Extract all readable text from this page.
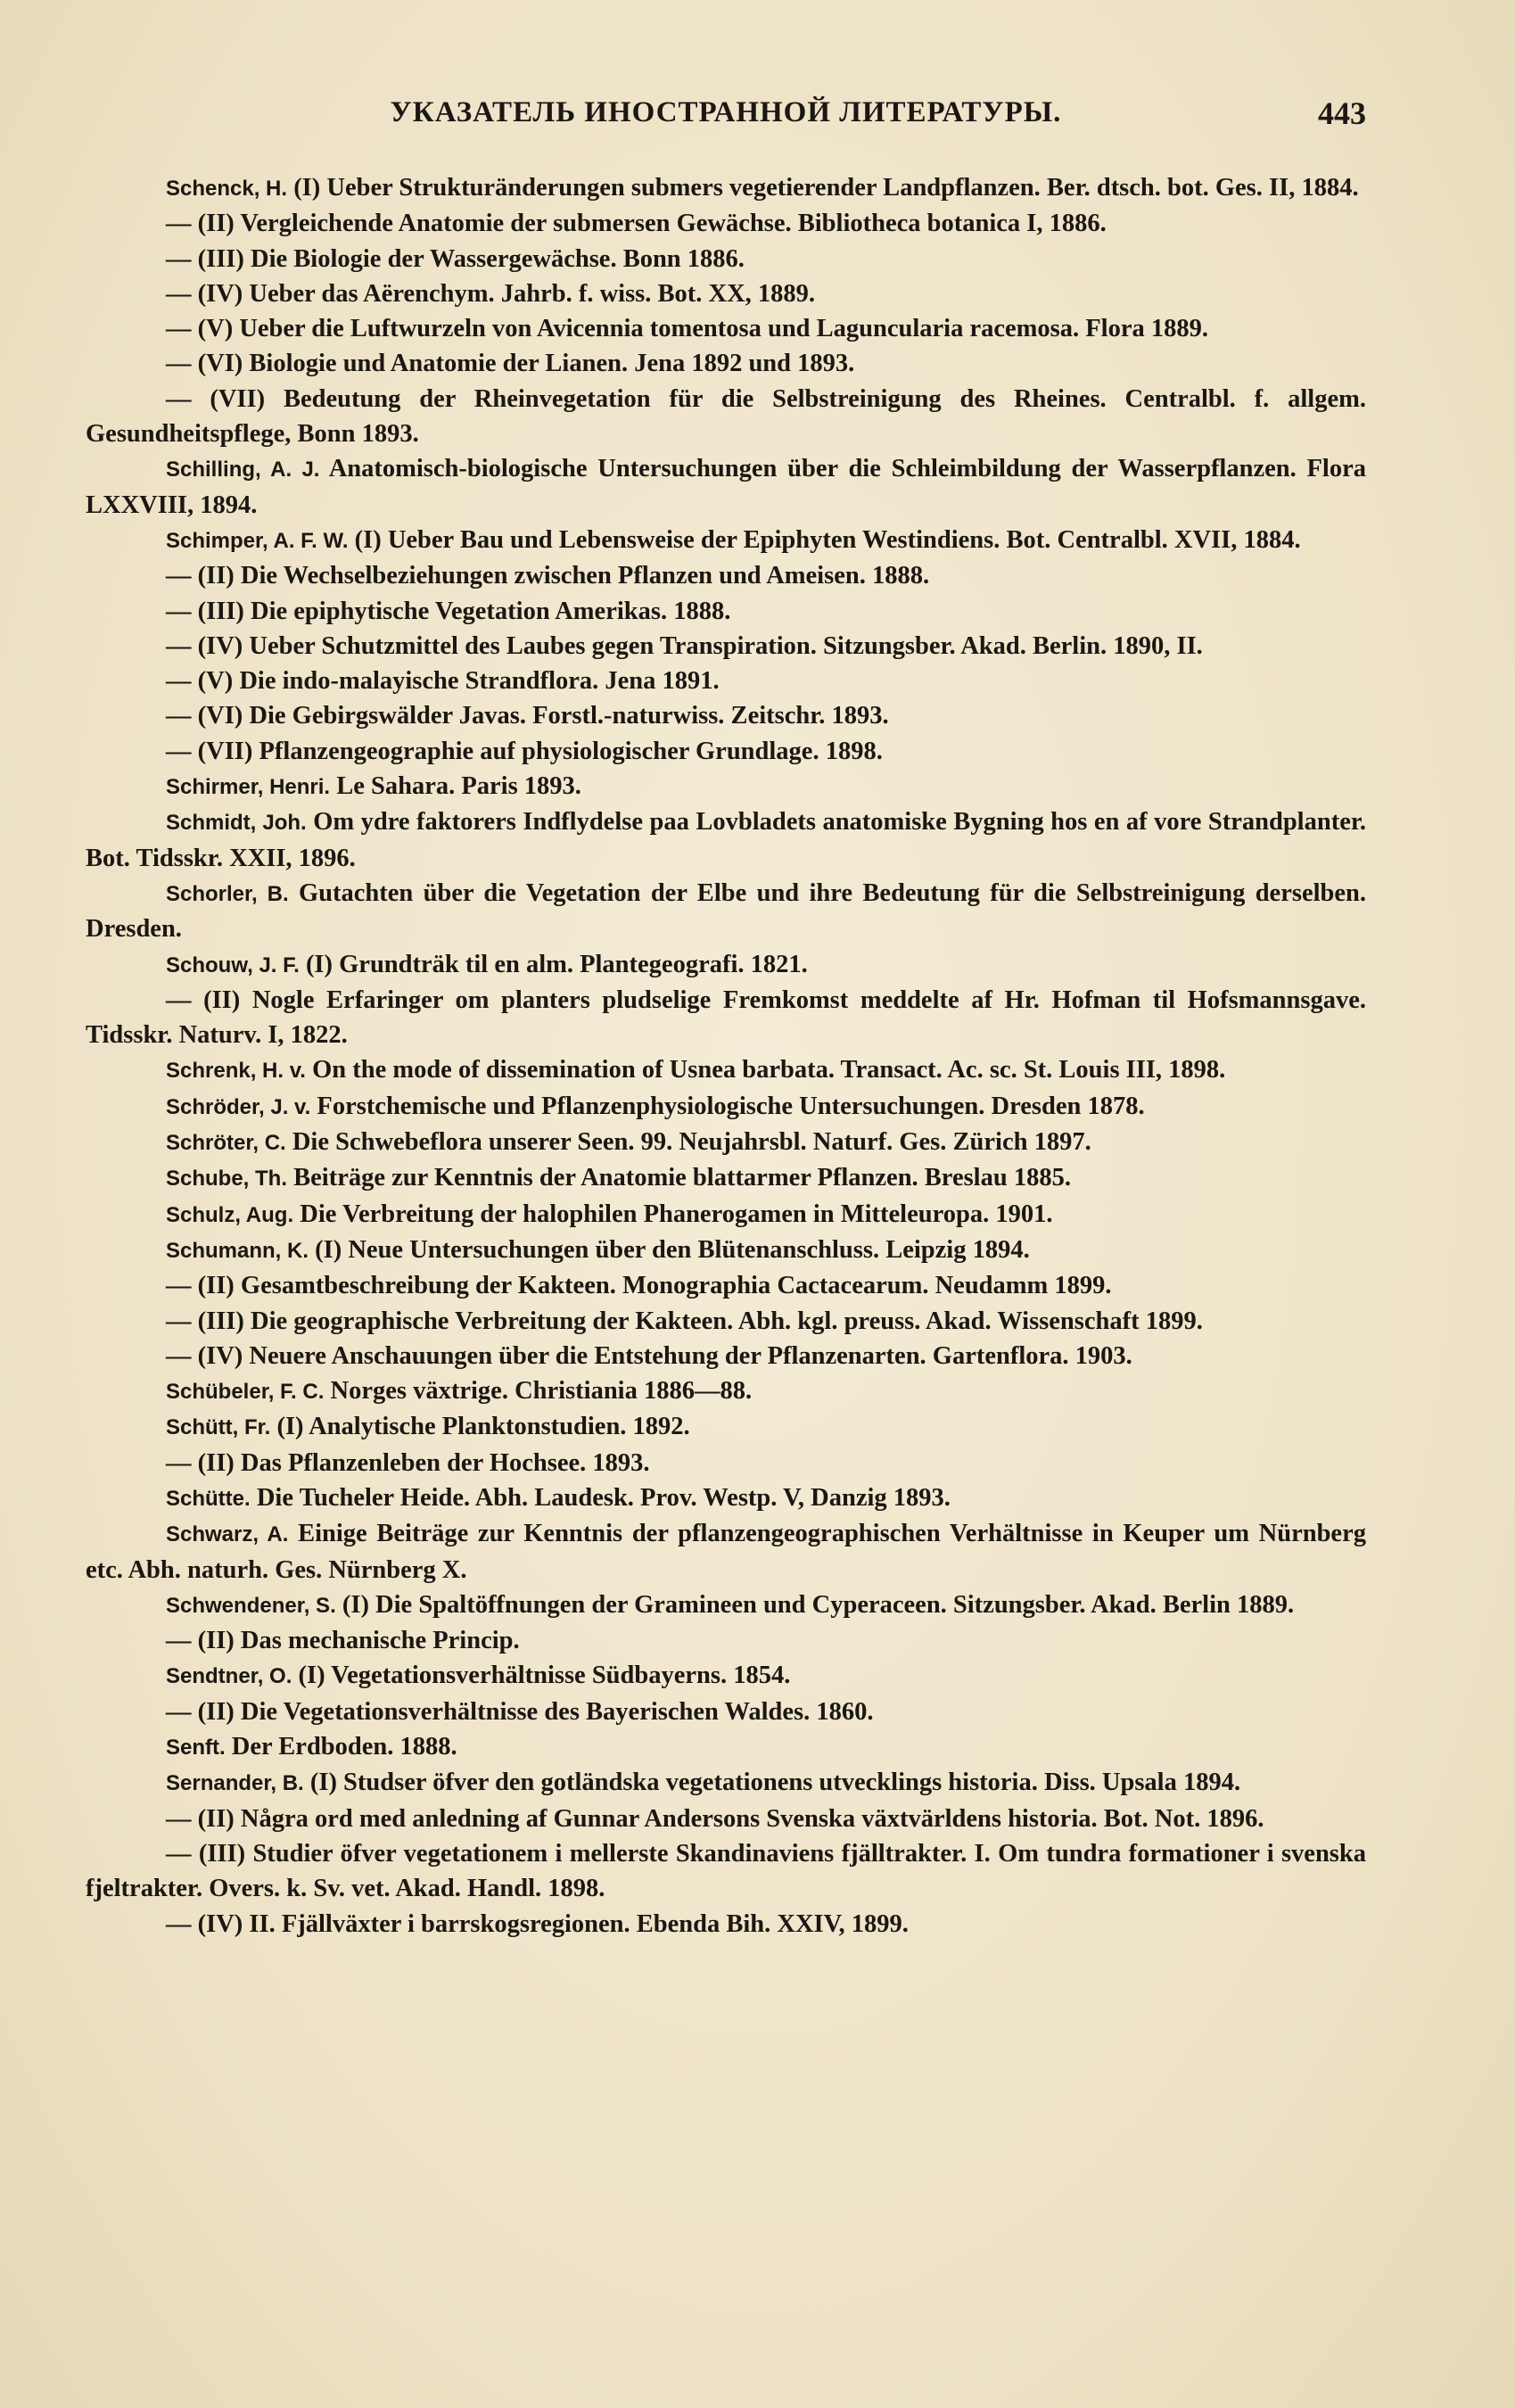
УКАЗАТЕЛЬ ИНОСТРАННОЙ ЛИТЕРАТУРЫ.	443
Schenck, H. (I) Ueber Strukturänderungen submers vegetierender Landpflanzen. Ber. dtsch. bot. Ges. II, 1884.
— (II) Vergleichende Anatomie der submersen Gewächse. Bibliotheca botanica I, 1886.
— (III) Die Biologie der Wassergewächse. Bonn 1886.
— (IV) Ueber das Aërenchym. Jahrb. f. wiss. Bot. XX, 1889.
— (V) Ueber die Luftwurzeln von Avicennia tomentosa und Laguncularia racemosa. Flora 1889.
— (VI) Biologie und Anatomie der Lianen. Jena 1892 und 1893.
— (VII) Bedeutung der Rheinvegetation für die Selbstreinigung des Rheines. Centralbl. f. allgem. Gesundheitspflege, Bonn 1893.
Schilling, A. J. Anatomisch-biologische Untersuchungen über die Schleimbildung der Wasserpflanzen. Flora LXXVIII, 1894.
Schimper, A. F. W. (I) Ueber Bau und Lebensweise der Epiphyten Westindiens. Bot. Centralbl. XVII, 1884.
— (II) Die Wechselbeziehungen zwischen Pflanzen und Ameisen. 1888.
— (III) Die epiphytische Vegetation Amerikas. 1888.
— (IV) Ueber Schutzmittel des Laubes gegen Transpiration. Sitzungsber. Akad. Berlin. 1890, II.
— (V) Die indo-malayische Strandflora. Jena 1891.
— (VI) Die Gebirgswälder Javas. Forstl.-naturwiss. Zeitschr. 1893.
— (VII) Pflanzengeographie auf physiologischer Grundlage. 1898.
Schirmer, Henri. Le Sahara. Paris 1893.
Schmidt, Joh. Om ydre faktorers Indflydelse paa Lovbladets anatomiske Bygning hos en af vore Strandplanter. Bot. Tidsskr. XXII, 1896.
Schorler, B. Gutachten über die Vegetation der Elbe und ihre Bedeutung für die Selbstreinigung derselben. Dresden.
Schouw, J. F. (I) Grundträk til en alm. Plantegeografi. 1821.
— (II) Nogle Erfaringer om planters pludselige Fremkomst meddelte af Hr. Hofman til Hofsmannsgave. Tidsskr. Naturv. I, 1822.
Schrenk, H. v. On the mode of dissemination of Usnea barbata. Transact. Ac. sc. St. Louis III, 1898.
Schröder, J. v. Forstchemische und Pflanzenphysiologische Untersuchungen. Dresden 1878.
Schröter, C. Die Schwebeflora unserer Seen. 99. Neujahrsbl. Naturf. Ges. Zürich 1897.
Schube, Th. Beiträge zur Kenntnis der Anatomie blattarmer Pflanzen. Breslau 1885.
Schulz, Aug. Die Verbreitung der halophilen Phanerogamen in Mitteleuropa. 1901.
Schumann, K. (I) Neue Untersuchungen über den Blütenanschluss. Leipzig 1894.
— (II) Gesamtbeschreibung der Kakteen. Monographia Cactacearum. Neudamm 1899.
— (III) Die geographische Verbreitung der Kakteen. Abh. kgl. preuss. Akad. Wissenschaft 1899.
— (IV) Neuere Anschauungen über die Entstehung der Pflanzenarten. Gartenflora. 1903.
Schübeler, F. C. Norges växtrige. Christiania 1886—88.
Schütt, Fr. (I) Analytische Planktonstudien. 1892.
— (II) Das Pflanzenleben der Hochsee. 1893.
Schütte. Die Tucheler Heide. Abh. Laudesk. Prov. Westp. V, Danzig 1893.
Schwarz, A. Einige Beiträge zur Kenntnis der pflanzengeographischen Verhältnisse in Keuper um Nürnberg etc. Abh. naturh. Ges. Nürnberg X.
Schwendener, S. (I) Die Spaltöffnungen der Gramineen und Cyperaceen. Sitzungsber. Akad. Berlin 1889.
— (II) Das mechanische Princip.
Sendtner, O. (I) Vegetationsverhältnisse Südbayerns. 1854.
— (II) Die Vegetationsverhältnisse des Bayerischen Waldes. 1860.
Senft. Der Erdboden. 1888.
Sernander, B. (I) Studser öfver den gotländska vegetationens utvecklings historia. Diss. Upsala 1894.
— (II) Några ord med anledning af Gunnar Andersons Svenska växtvärldens historia. Bot. Not. 1896.
— (III) Studier öfver vegetationem i mellerste Skandinaviens fjälltrakter. I. Om tundra formationer i svenska fjeltrakter. Overs. k. Sv. vet. Akad. Handl. 1898.
— (IV) II. Fjällväxter i barrskogsregionen. Ebenda Bih. XXIV, 1899.
